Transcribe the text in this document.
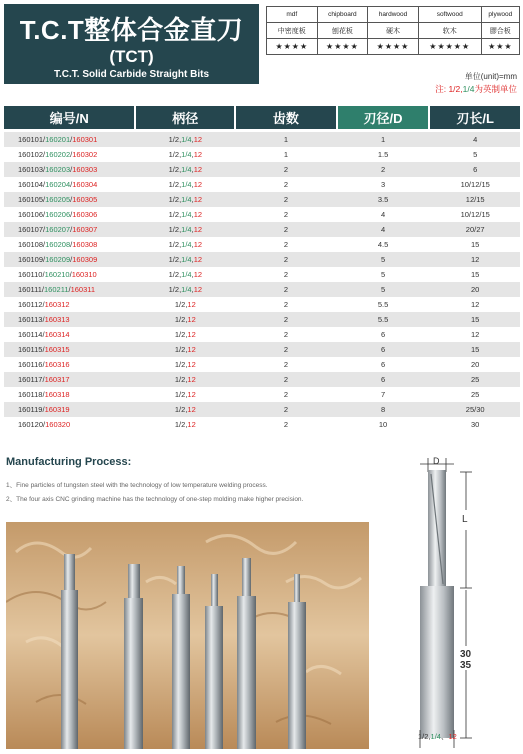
T.C.T整体合金直刀
(TCT)
T.C.T. Solid Carbide Straight Bits
mdf	chipboard	hardwood	softwood	plywood
中密度板	刨花板	硬木	软木	膠合板
★★★★	★★★★	★★★★	★★★★★	★★★
单位(unit)=mm
注: 1/2,1/4为英制单位
编号/N	柄径	齿数	刃径/D	刃长/L
160101/160201/160301	1/2,1/4,12	1	1	4
160102/160202/160302	1/2,1/4,12	1	1.5	5
160103/160203/160303	1/2,1/4,12	2	2	6
160104/160204/160304	1/2,1/4,12	2	3	10/12/15
160105/160205/160305	1/2,1/4,12	2	3.5	12/15
160106/160206/160306	1/2,1/4,12	2	4	10/12/15
160107/160207/160307	1/2,1/4,12	2	4	20/27
160108/160208/160308	1/2,1/4,12	2	4.5	15
160109/160209/160309	1/2,1/4,12	2	5	12
160110/160210/160310	1/2,1/4,12	2	5	15
160111/160211/160311	1/2,1/4,12	2	5	20
160112/160312	1/2,12	2	5.5	12
160113/160313	1/2,12	2	5.5	15
160114/160314	1/2,12	2	6	12
160115/160315	1/2,12	2	6	15
160116/160316	1/2,12	2	6	20
160117/160317	1/2,12	2	6	25
160118/160318	1/2,12	2	7	25
160119/160319	1/2,12	2	8	25/30
160120/160320	1/2,12	2	10	30
Manufacturing Process:
1、Fine particles of tungsten steel with the technology of low temperature welding process.
2、The four axis CNC grinding machine has the technology of one-step molding make higher precision.
D
L
30
35
1/2,1/4、12
